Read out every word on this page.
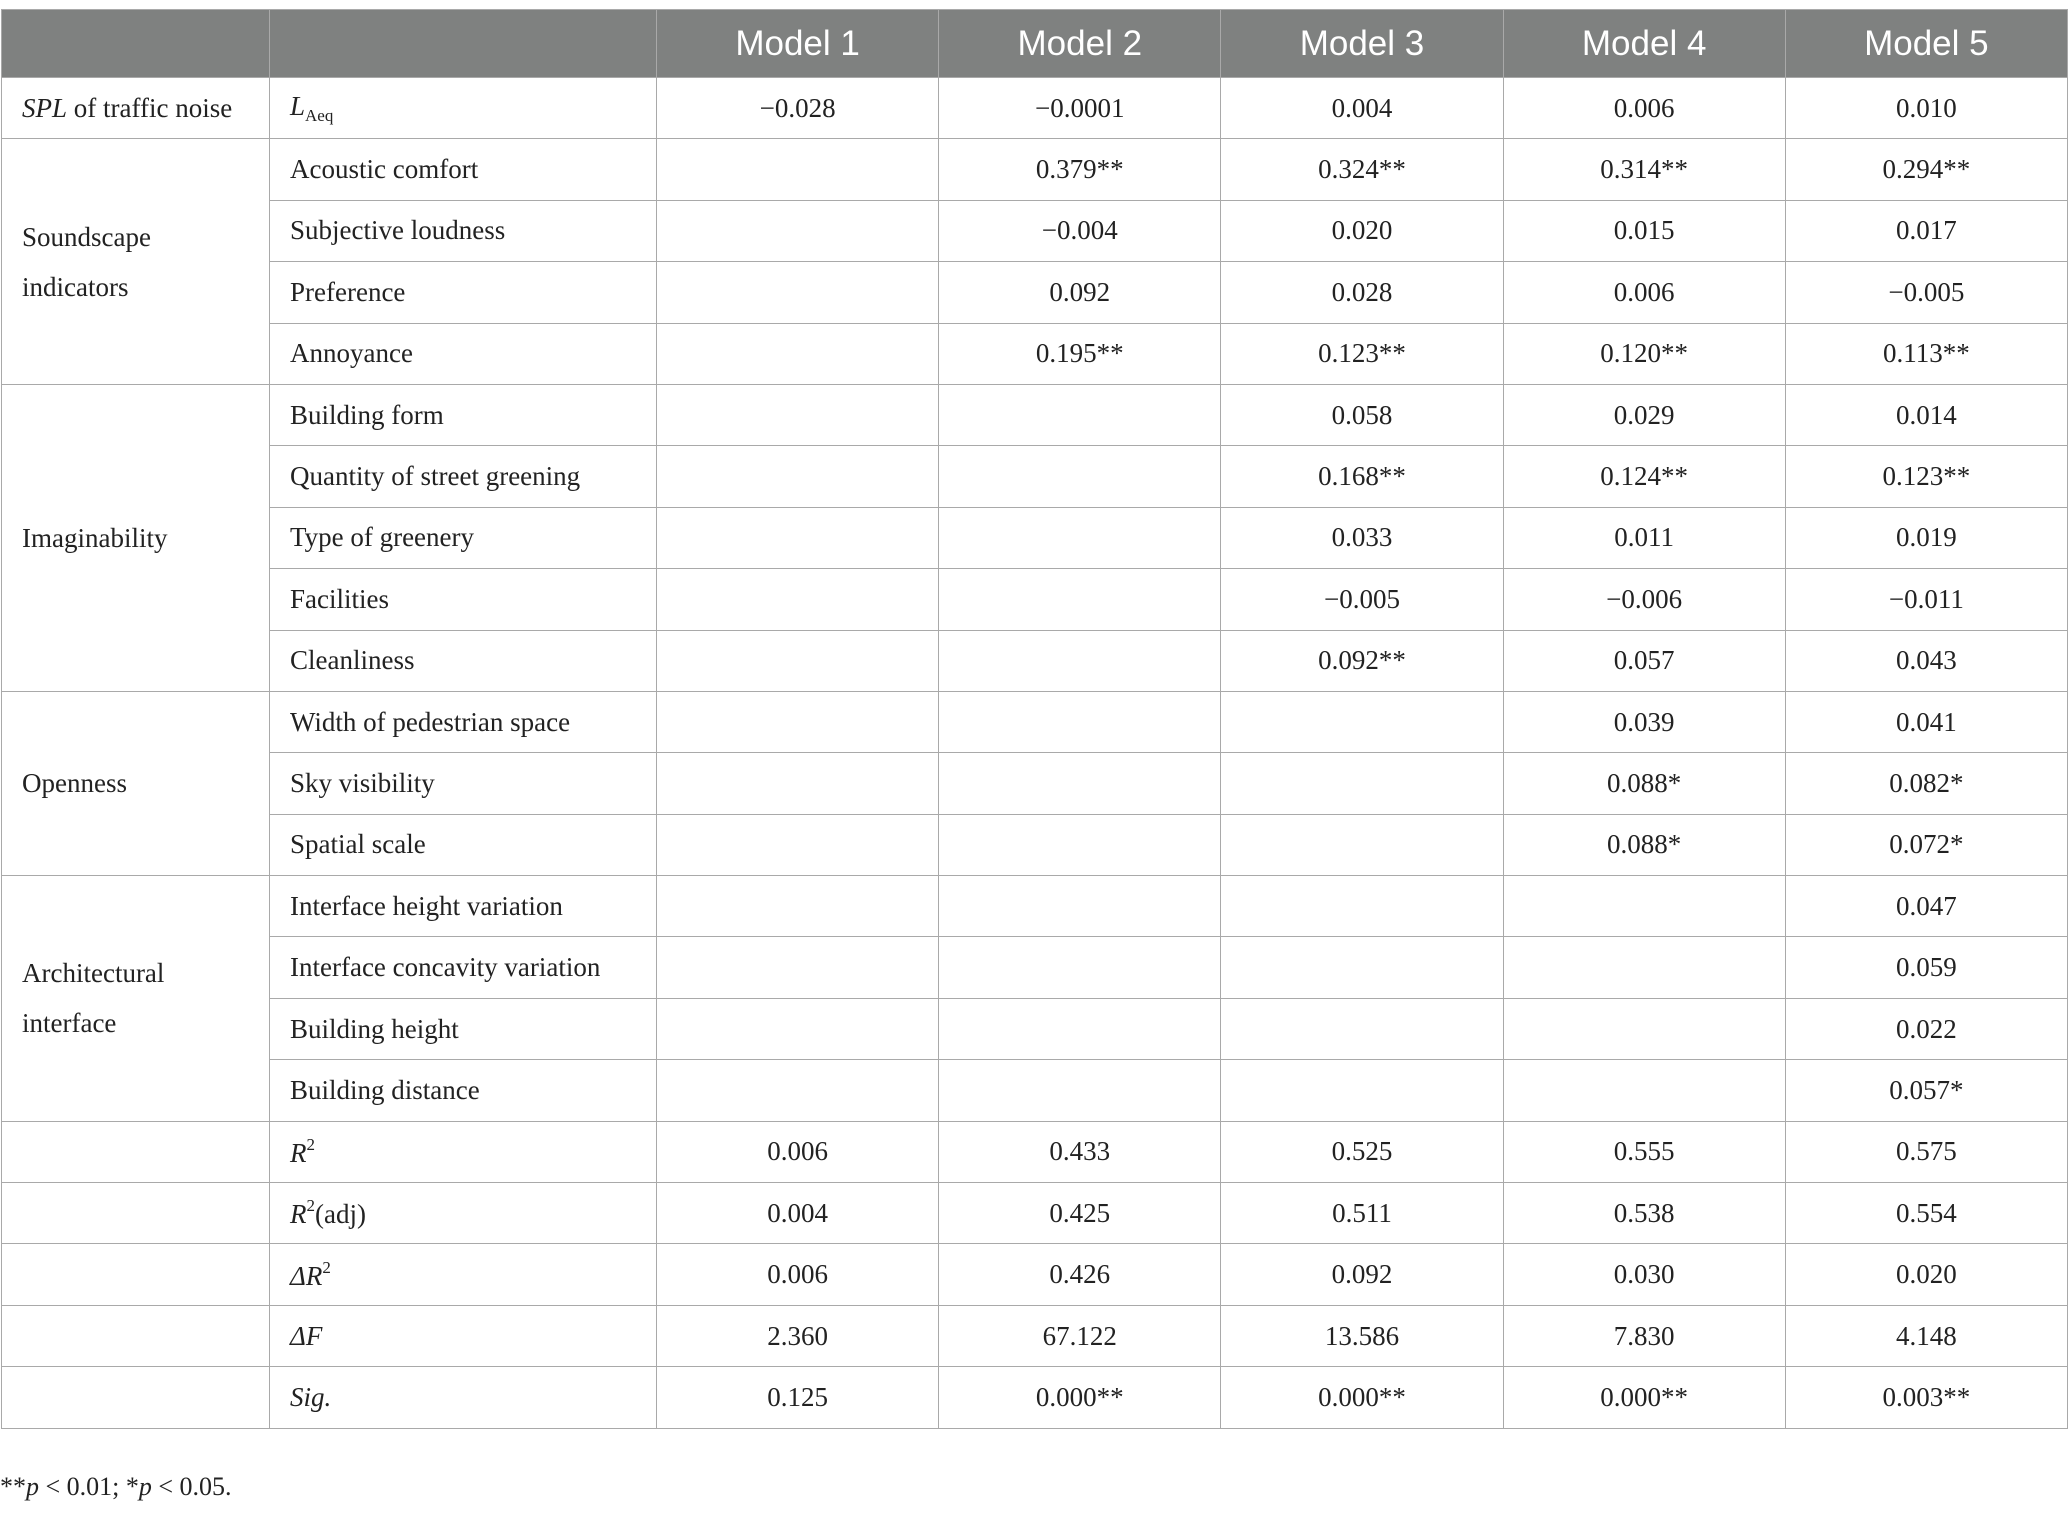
		Model 1	Model 2	Model 3	Model 4	Model 5
SPL of traffic noise	$L_{Aeq}$	−0.028	−0.0001	0.004	0.006	0.010
Soundscape indicators	Acoustic comfort		0.379**	0.324**	0.314**	0.294**
	Subjective loudness		−0.004	0.020	0.015	0.017
	Preference		0.092	0.028	0.006	−0.005
	Annoyance		0.195**	0.123**	0.120**	0.113**
Imaginability	Building form			0.058	0.029	0.014
	Quantity of street greening			0.168**	0.124**	0.123**
	Type of greenery			0.033	0.011	0.019
	Facilities			−0.005	−0.006	−0.011
	Cleanliness			0.092**	0.057	0.043
Openness	Width of pedestrian space				0.039	0.041
	Sky visibility				0.088*	0.082*
	Spatial scale				0.088*	0.072*
Architectural interface	Interface height variation					0.047
	Interface concavity variation					0.059
	Building height					0.022
	Building distance					0.057*
	$R^2$	0.006	0.433	0.525	0.555	0.575
	$R^2(adj)$	0.004	0.425	0.511	0.538	0.554
	$\Delta R^2$	0.006	0.426	0.092	0.030	0.020
	ΔF	2.360	67.122	13.586	7.830	4.148
	Sig.	0.125	0.000**	0.000**	0.000**	0.003**
**p < 0.01; *p < 0.05.
